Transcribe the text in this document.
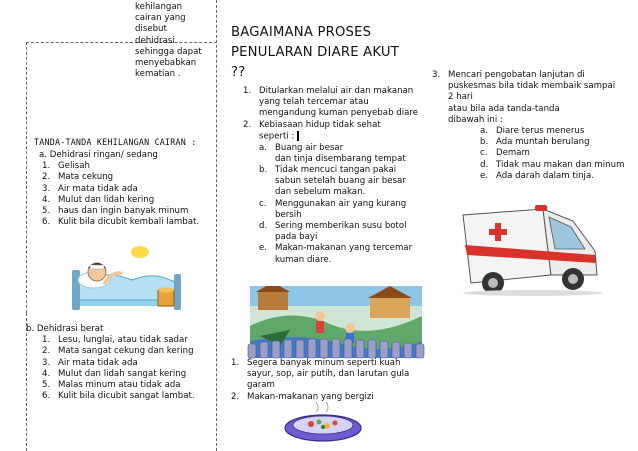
kehilangan
cairan yang
disebut
dehidrasi
sehingga dapat
menyebabkan
kematian .
TANDA-TANDA KEHILANGAN CAIRAN :
a. Dehidrasi ringan/ sedang
1. Gelisah
2. Mata cekung
3. Air mata tidak ada
4. Mulut dan lidah kering
5. haus dan ingin banyak minum
6. Kulit bila dicubit kembali lambat.
b. Dehidrasi berat
1. Lesu, lunglai, atau tidak sadar
2. Mata sangat cekung dan kering
3. Air mata tidak ada
4. Mulut dan lidah sangat kering
5. Malas minum atau tidak ada
6. Kulit bila dicubit sangat lambat.
BAGAIMANA PROSES
PENULARAN DIARE AKUT
??
1. Ditularkan melalui air dan makanan
yang telah tercemar atau
mengandung kuman penyebab diare
2. Kebiasaan hidup tidak sehat
seperti :
a. Buang air besar
dan tinja disembarang tempat
b. Tidak mencuci tangan pakai
sabun setelah buang air besar
dan sebelum makan.
c. Menggunakan air yang kurang
bersih
d. Sering memberikan susu botol
pada bayi
e. Makan-makanan yang tercemar
kuman diare.
1. Segera banyak minum seperti kuah
sayur, sop, air putih, dan larutan gula
garam
2. Makan-makanan yang bergizi
3. Mencari pengobatan lanjutan di
puskesmas bila tidak membaik sampai
2 hari
atau bila ada tanda-tanda
dibawah ini :
a. Diare terus menerus
b. Ada muntah berulang
c. Demam
d. Tidak mau makan dan minum
e. Ada darah dalam tinja.
